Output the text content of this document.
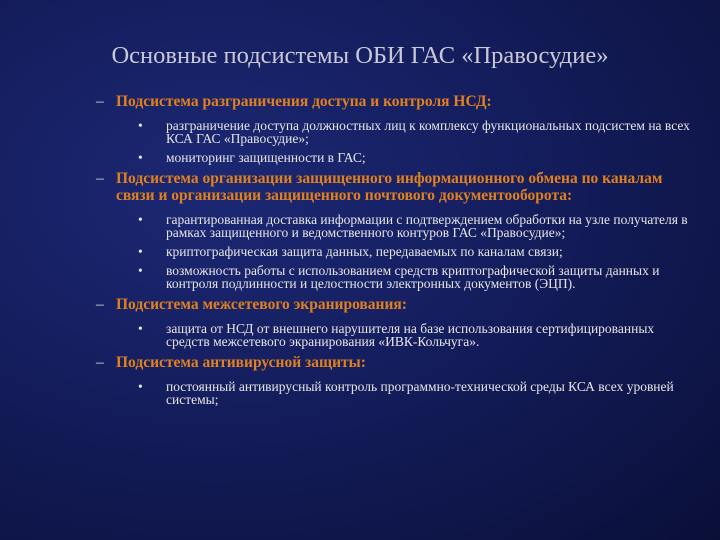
Основные подсистемы ОБИ ГАС «Правосудие»
– Подсистема разграничения доступа и контроля НСД:
• разграничение доступа должностных лиц к комплексу функциональных подсистем на всех КСА ГАС «Правосудие»;
• мониторинг защищенности в ГАС;
– Подсистема организации защищенного информационного обмена по каналам связи и организации защищенного почтового документооборота:
• гарантированная доставка информации с подтверждением обработки на узле получателя в рамках защищенного и ведомственного контуров ГАС «Правосудие»;
• криптографическая защита данных, передаваемых по каналам связи;
• возможность работы с использованием средств криптографической защиты данных и контроля подлинности и целостности электронных документов (ЭЦП).
– Подсистема межсетевого экранирования:
• защита от НСД от внешнего нарушителя на базе использования сертифицированных средств межсетевого экранирования «ИВК-Кольчуга».
– Подсистема антивирусной защиты:
• постоянный антивирусный контроль программно-технической среды КСА всех уровней системы;
